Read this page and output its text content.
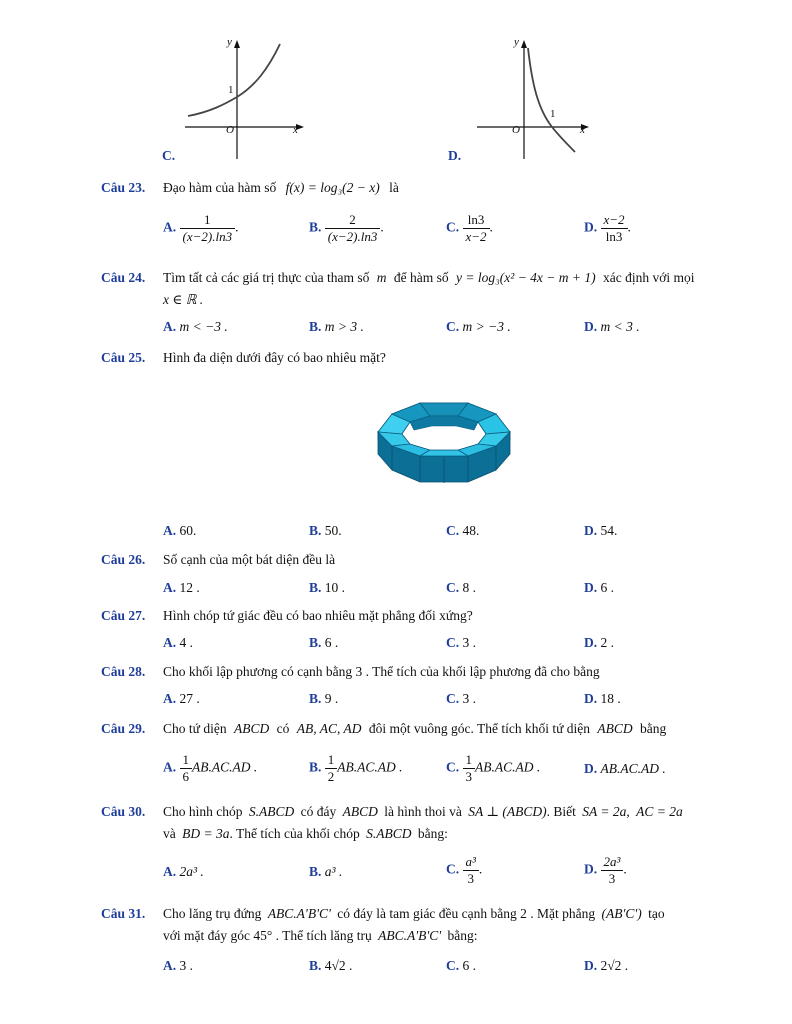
y
x
O
1
C.
y
x
O
1
D.
Câu 23. Đạo hàm của hàm số f(x) = log₃(2 − x) là
A. $\frac{1}{(x-2).\ln 3}$ .	B. $\frac{2}{(x-2).\ln 3}$ .	C. $\frac{\ln 3}{x-2}$ .	D. $\frac{x-2}{\ln 3}$ .
Câu 24. Tìm tất cả các giá trị thực của tham số m để hàm số y = log₃(x² − 4x − m + 1) xác định với mọi
x ∈ ℝ .
A. m < −3 .	B. m > 3 .	C. m > −3 .	D. m < 3 .
Câu 25. Hình đa diện dưới đây có bao nhiêu mặt?
A. 60.	B. 50.	C. 48.	D. 54.
Câu 26. Số cạnh của một bát diện đều là
A. 12 .	B. 10 .	C. 8 .	D. 6 .
Câu 27. Hình chóp tứ giác đều có bao nhiêu mặt phẳng đối xứng?
A. 4 .	B. 6 .	C. 3 .	D. 2 .
Câu 28. Cho khối lập phương có cạnh bằng 3 . Thể tích của khối lập phương đã cho bằng
A. 27 .	B. 9 .	C. 3 .	D. 18 .
Câu 29. Cho tứ diện ABCD có AB, AC, AD đôi một vuông góc. Thể tích khối tứ diện ABCD bằng
A. $\frac{1}{6} AB.AC.AD$ .	B. $\frac{1}{2} AB.AC.AD$ .	C. $\frac{1}{3} AB.AC.AD$ .	D. AB.AC.AD .
Câu 30. Cho hình chóp S.ABCD có đáy ABCD là hình thoi và SA ⊥ (ABCD). Biết SA = 2a, AC = 2a
và BD = 3a. Thể tích của khối chóp S.ABCD bằng:
A. 2a³ .	B. a³ .	C. $\frac{\text{a³}}{3}$ .	D. $\frac{\text{2a³}}{3}$ .
Câu 31. Cho lăng trụ đứng ABC.A'B'C' có đáy là tam giác đều cạnh bằng 2 . Mặt phẳng (AB'C') tạo
với mặt đáy góc 45° . Thể tích lăng trụ ABC.A'B'C' bằng:
A. 3 .	B. 4√2 .	C. 6 .	D. 2√2 .
